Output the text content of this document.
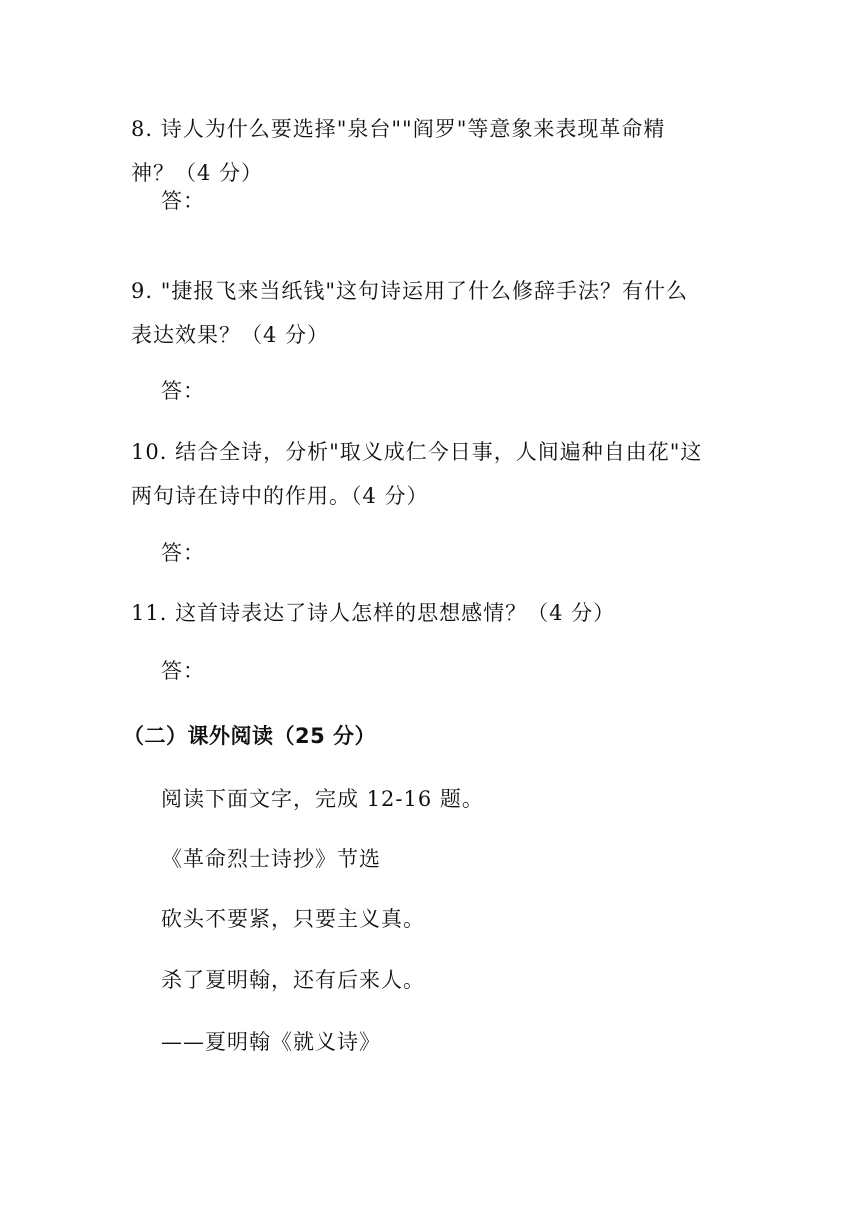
8. 诗人为什么要选择"泉台""阎罗"等意象来表现革命精
神？（4 分）
答：
9. "捷报飞来当纸钱"这句诗运用了什么修辞手法？有什么
表达效果？（4 分）
答：
10. 结合全诗，分析"取义成仁今日事，人间遍种自由花"这
两句诗在诗中的作用。（4 分）
答：
11. 这首诗表达了诗人怎样的思想感情？（4 分）
答：
（二）课外阅读（25 分）
阅读下面文字，完成 12-16 题。
《革命烈士诗抄》节选
砍头不要紧，只要主义真。
杀了夏明翰，还有后来人。
——夏明翰《就义诗》
